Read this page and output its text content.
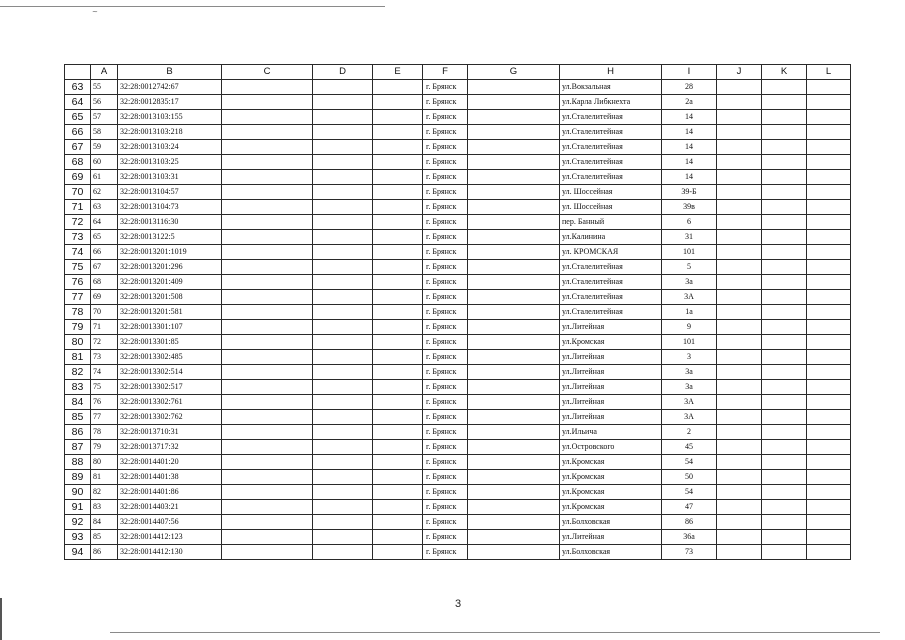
~
	A	B	C	D	E	F	G	H	I	J	K	L
63	55	32:28:0012742:67				г. Брянск		ул.Вокзальная	28			
64	56	32:28:0012835:17				г. Брянск		ул.Карла Либкнехта	2а			
65	57	32:28:0013103:155				г. Брянск		ул.Сталелитейная	14			
66	58	32:28:0013103:218				г. Брянск		ул.Сталелитейная	14			
67	59	32:28:0013103:24				г. Брянск		ул.Сталелитейная	14			
68	60	32:28:0013103:25				г. Брянск		ул.Сталелитейная	14			
69	61	32:28:0013103:31				г. Брянск		ул.Сталелитейная	14			
70	62	32:28:0013104:57				г. Брянск		ул. Шоссейная	39-Б			
71	63	32:28:0013104:73				г. Брянск		ул. Шоссейная	39в			
72	64	32:28:0013116:30				г. Брянск		пер. Банный	6			
73	65	32:28:0013122:5				г. Брянск		ул.Калинина	31			
74	66	32:28:0013201:1019				г. Брянск		ул. КРОМСКАЯ	101			
75	67	32:28:0013201:296				г. Брянск		ул.Сталелитейная	5			
76	68	32:28:0013201:409				г. Брянск		ул.Сталелитейная	3а			
77	69	32:28:0013201:508				г. Брянск		ул.Сталелитейная	3А			
78	70	32:28:0013201:581				г. Брянск		ул.Сталелитейная	1а			
79	71	32:28:0013301:107				г. Брянск		ул.Литейная	9			
80	72	32:28:0013301:85				г. Брянск		ул.Кромская	101			
81	73	32:28:0013302:485				г. Брянск		ул.Литейная	3			
82	74	32:28:0013302:514				г. Брянск		ул.Литейная	3а			
83	75	32:28:0013302:517				г. Брянск		ул.Литейная	3а			
84	76	32:28:0013302:761				г. Брянск		ул.Литейная	3А			
85	77	32:28:0013302:762				г. Брянск		ул.Литейная	3А			
86	78	32:28:0013710:31				г. Брянск		ул.Ильича	2			
87	79	32:28:0013717:32				г. Брянск		ул.Островского	45			
88	80	32:28:0014401:20				г. Брянск		ул.Кромская	54			
89	81	32:28:0014401:38				г. Брянск		ул.Кромская	50			
90	82	32:28:0014401:86				г. Брянск		ул.Кромская	54			
91	83	32:28:0014403:21				г. Брянск		ул.Кромская	47			
92	84	32:28:0014407:56				г. Брянск		ул.Болховская	86			
93	85	32:28:0014412:123				г. Брянск		ул.Литейная	36а			
94	86	32:28:0014412:130				г. Брянск		ул.Болховская	73			
3
